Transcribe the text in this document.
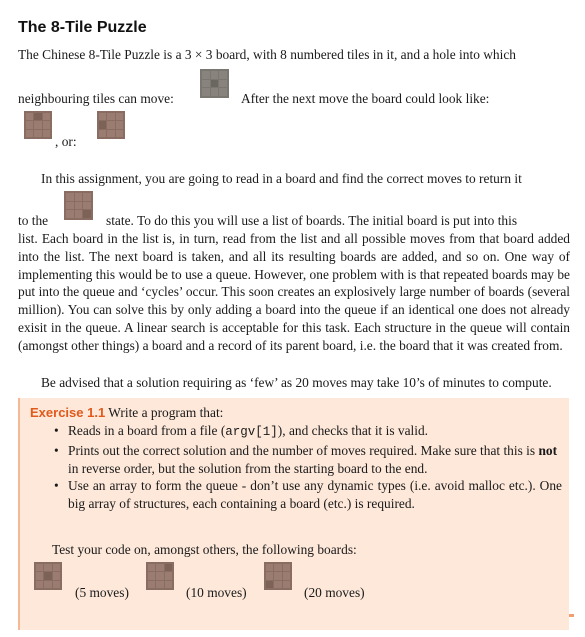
The 8-Tile Puzzle
The Chinese 8-Tile Puzzle is a 3 × 3 board, with 8 numbered tiles in it, and a hole into which
neighbouring tiles can move:	After the next move the board could look like:
, or:
In this assignment, you are going to read in a board and find the correct moves to return it
to the	state. To do this you will use a list of boards. The initial board is put into this
list. Each board in the list is, in turn, read from the list and all possible moves from that board added into the list. The next board is taken, and all its resulting boards are added, and so on. One way of implementing this would be to use a queue. However, one problem with is that repeated boards may be put into the queue and ‘cycles’ occur. This soon creates an explosively large number of boards (several million). You can solve this by only adding a board into the queue if an identical one does not already exisit in the queue. A linear search is acceptable for this task. Each structure in the queue will contain (amongst other things) a board and a record of its parent board, i.e. the board that it was created from.
Be advised that a solution requiring as ‘few’ as 20 moves may take 10’s of minutes to compute.
Exercise 1.1 Write a program that:
• Reads in a board from a file (argv[1]), and checks that it is valid.
• Prints out the correct solution and the number of moves required. Make sure that this is not in reverse order, but the solution from the starting board to the end.
• Use an array to form the queue - don’t use any dynamic types (i.e. avoid malloc etc.). One big array of structures, each containing a board (etc.) is required.
Test your code on, amongst others, the following boards:
(5 moves)	(10 moves)	(20 moves)
